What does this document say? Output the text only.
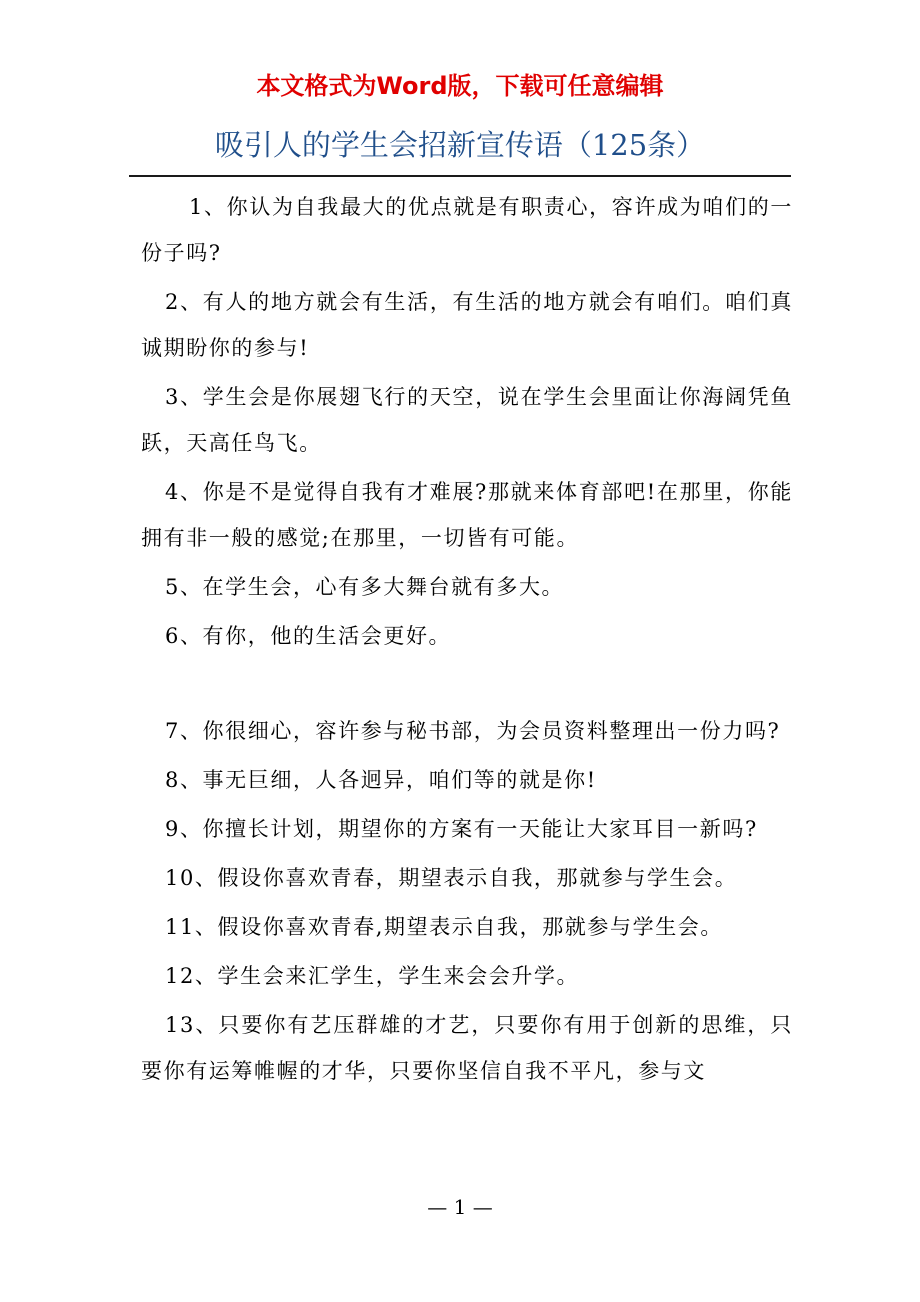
本文格式为Word版，下载可任意编辑
吸引人的学生会招新宣传语（125条）

1、你认为自我最大的优点就是有职责心，容许成为咱们的一份子吗?

2、有人的地方就会有生活，有生活的地方就会有咱们。咱们真诚期盼你的参与!

3、学生会是你展翅飞行的天空，说在学生会里面让你海阔凭鱼跃，天高任鸟飞。

4、你是不是觉得自我有才难展?那就来体育部吧!在那里，你能拥有非一般的感觉;在那里，一切皆有可能。

5、在学生会，心有多大舞台就有多大。

6、有你，他的生活会更好。

7、你很细心，容许参与秘书部，为会员资料整理出一份力吗?

8、事无巨细，人各迥异，咱们等的就是你!

9、你擅长计划，期望你的方案有一天能让大家耳目一新吗?

10、假设你喜欢青春，期望表示自我，那就参与学生会。

11、假设你喜欢青春,期望表示自我，那就参与学生会。

12、学生会来汇学生，学生来会会升学。

13、只要你有艺压群雄的才艺，只要你有用于创新的思维，只要你有运筹帷幄的才华，只要你坚信自我不平凡，参与文

— 1 —
